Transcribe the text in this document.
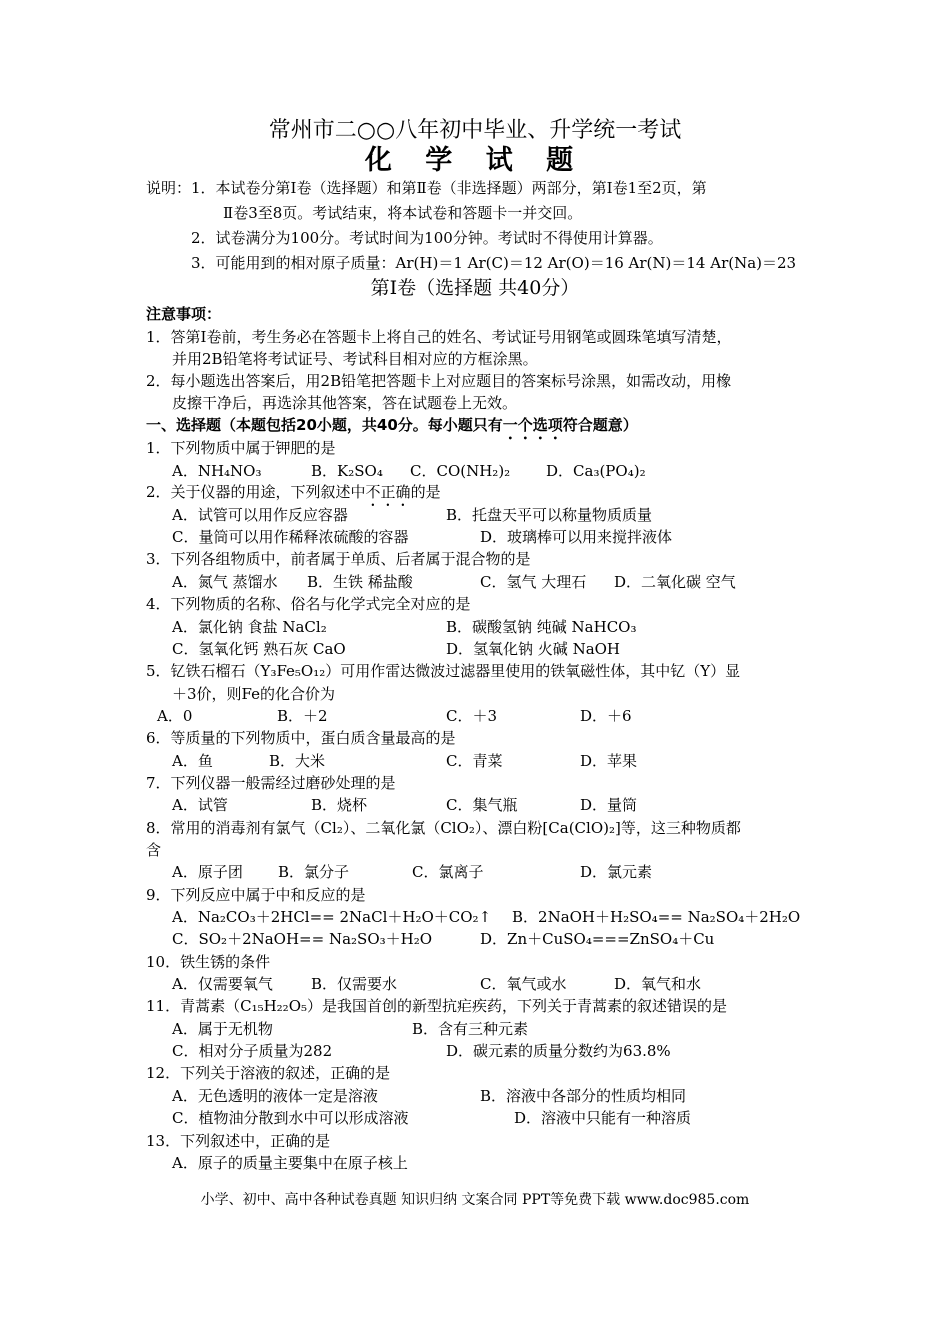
常州市二○○八年初中毕业、升学统一考试
化 学 试 题
说明： 1．本试卷分第Ⅰ卷（选择题）和第Ⅱ卷（非选择题）两部分，第Ⅰ卷1至2页，第
Ⅱ卷3至8页。考试结束，将本试卷和答题卡一并交回。
2．试卷满分为100分。考试时间为100分钟。考试时不得使用计算器。
3．可能用到的相对原子质量：Ar(H)＝1 Ar(C)＝12 Ar(O)＝16 Ar(N)＝14 Ar(Na)＝23
第Ⅰ卷（选择题 共40分）
注意事项：
1．答第Ⅰ卷前，考生务必在答题卡上将自己的姓名、考试证号用钢笔或圆珠笔填写清楚，
并用2B铅笔将考试证号、考试科目相对应的方框涂黑。
2．每小题选出答案后，用2B铅笔把答题卡上对应题目的答案标号涂黑，如需改动，用橡
皮擦干净后，再选涂其他答案，答在试题卷上无效。
一、选择题（本题包括20小题，共40分。每小题只有一个选项符合题意）
1．下列物质中属于钾肥的是
A．NH₄NO₃	B．K₂SO₄ C．CO(NH₂)₂ D．Ca₃(PO₄)₂
2．关于仪器的用途，下列叙述中不正确的是
A．试管可以用作反应容器	B．托盘天平可以称量物质质量
C．量筒可以用作稀释浓硫酸的容器	D．玻璃棒可以用来搅拌液体
3．下列各组物质中，前者属于单质、后者属于混合物的是
A．氮气 蒸馏水 B．生铁 稀盐酸	C．氢气 大理石 D．二氧化碳 空气
4．下列物质的名称、俗名与化学式完全对应的是
A．氯化钠 食盐 NaCl₂	B．碳酸氢钠 纯碱 NaHCO₃
C．氢氧化钙 熟石灰 CaO	D．氢氧化钠 火碱 NaOH
5．钇铁石榴石（Y₃Fe₅O₁₂）可用作雷达微波过滤器里使用的铁氧磁性体，其中钇（Y）显
＋3价，则Fe的化合价为
A．0	B．＋2	C．＋3	D．＋6
6．等质量的下列物质中，蛋白质含量最高的是
A．鱼	B．大米	C．青菜	D．苹果
7．下列仪器一般需经过磨砂处理的是
A．试管	B．烧杯	C．集气瓶	D．量筒
8．常用的消毒剂有氯气（Cl₂）、二氧化氯（ClO₂）、漂白粉[Ca(ClO)₂]等，这三种物质都
含
A．原子团 B．氯分子	C．氯离子	D．氯元素
9．下列反应中属于中和反应的是
A．Na₂CO₃＋2HCl== 2NaCl＋H₂O＋CO₂↑ B．2NaOH＋H₂SO₄== Na₂SO₄＋2H₂O
C．SO₂＋2NaOH== Na₂SO₃＋H₂O	D．Zn＋CuSO₄===ZnSO₄＋Cu
10．铁生锈的条件
A．仅需要氧气	B．仅需要水	C．氧气或水	D．氧气和水
11．青蒿素（C₁₅H₂₂O₅）是我国首创的新型抗疟疾药，下列关于青蒿素的叙述错误的是
A．属于无机物	B．含有三种元素
C．相对分子质量为282	D．碳元素的质量分数约为63.8%
12．下列关于溶液的叙述，正确的是
A．无色透明的液体一定是溶液	B．溶液中各部分的性质均相同
C．植物油分散到水中可以形成溶液	D．溶液中只能有一种溶质
13．下列叙述中，正确的是
A．原子的质量主要集中在原子核上
小学、初中、高中各种试卷真题 知识归纳 文案合同 PPT等免费下载 www.doc985.com
